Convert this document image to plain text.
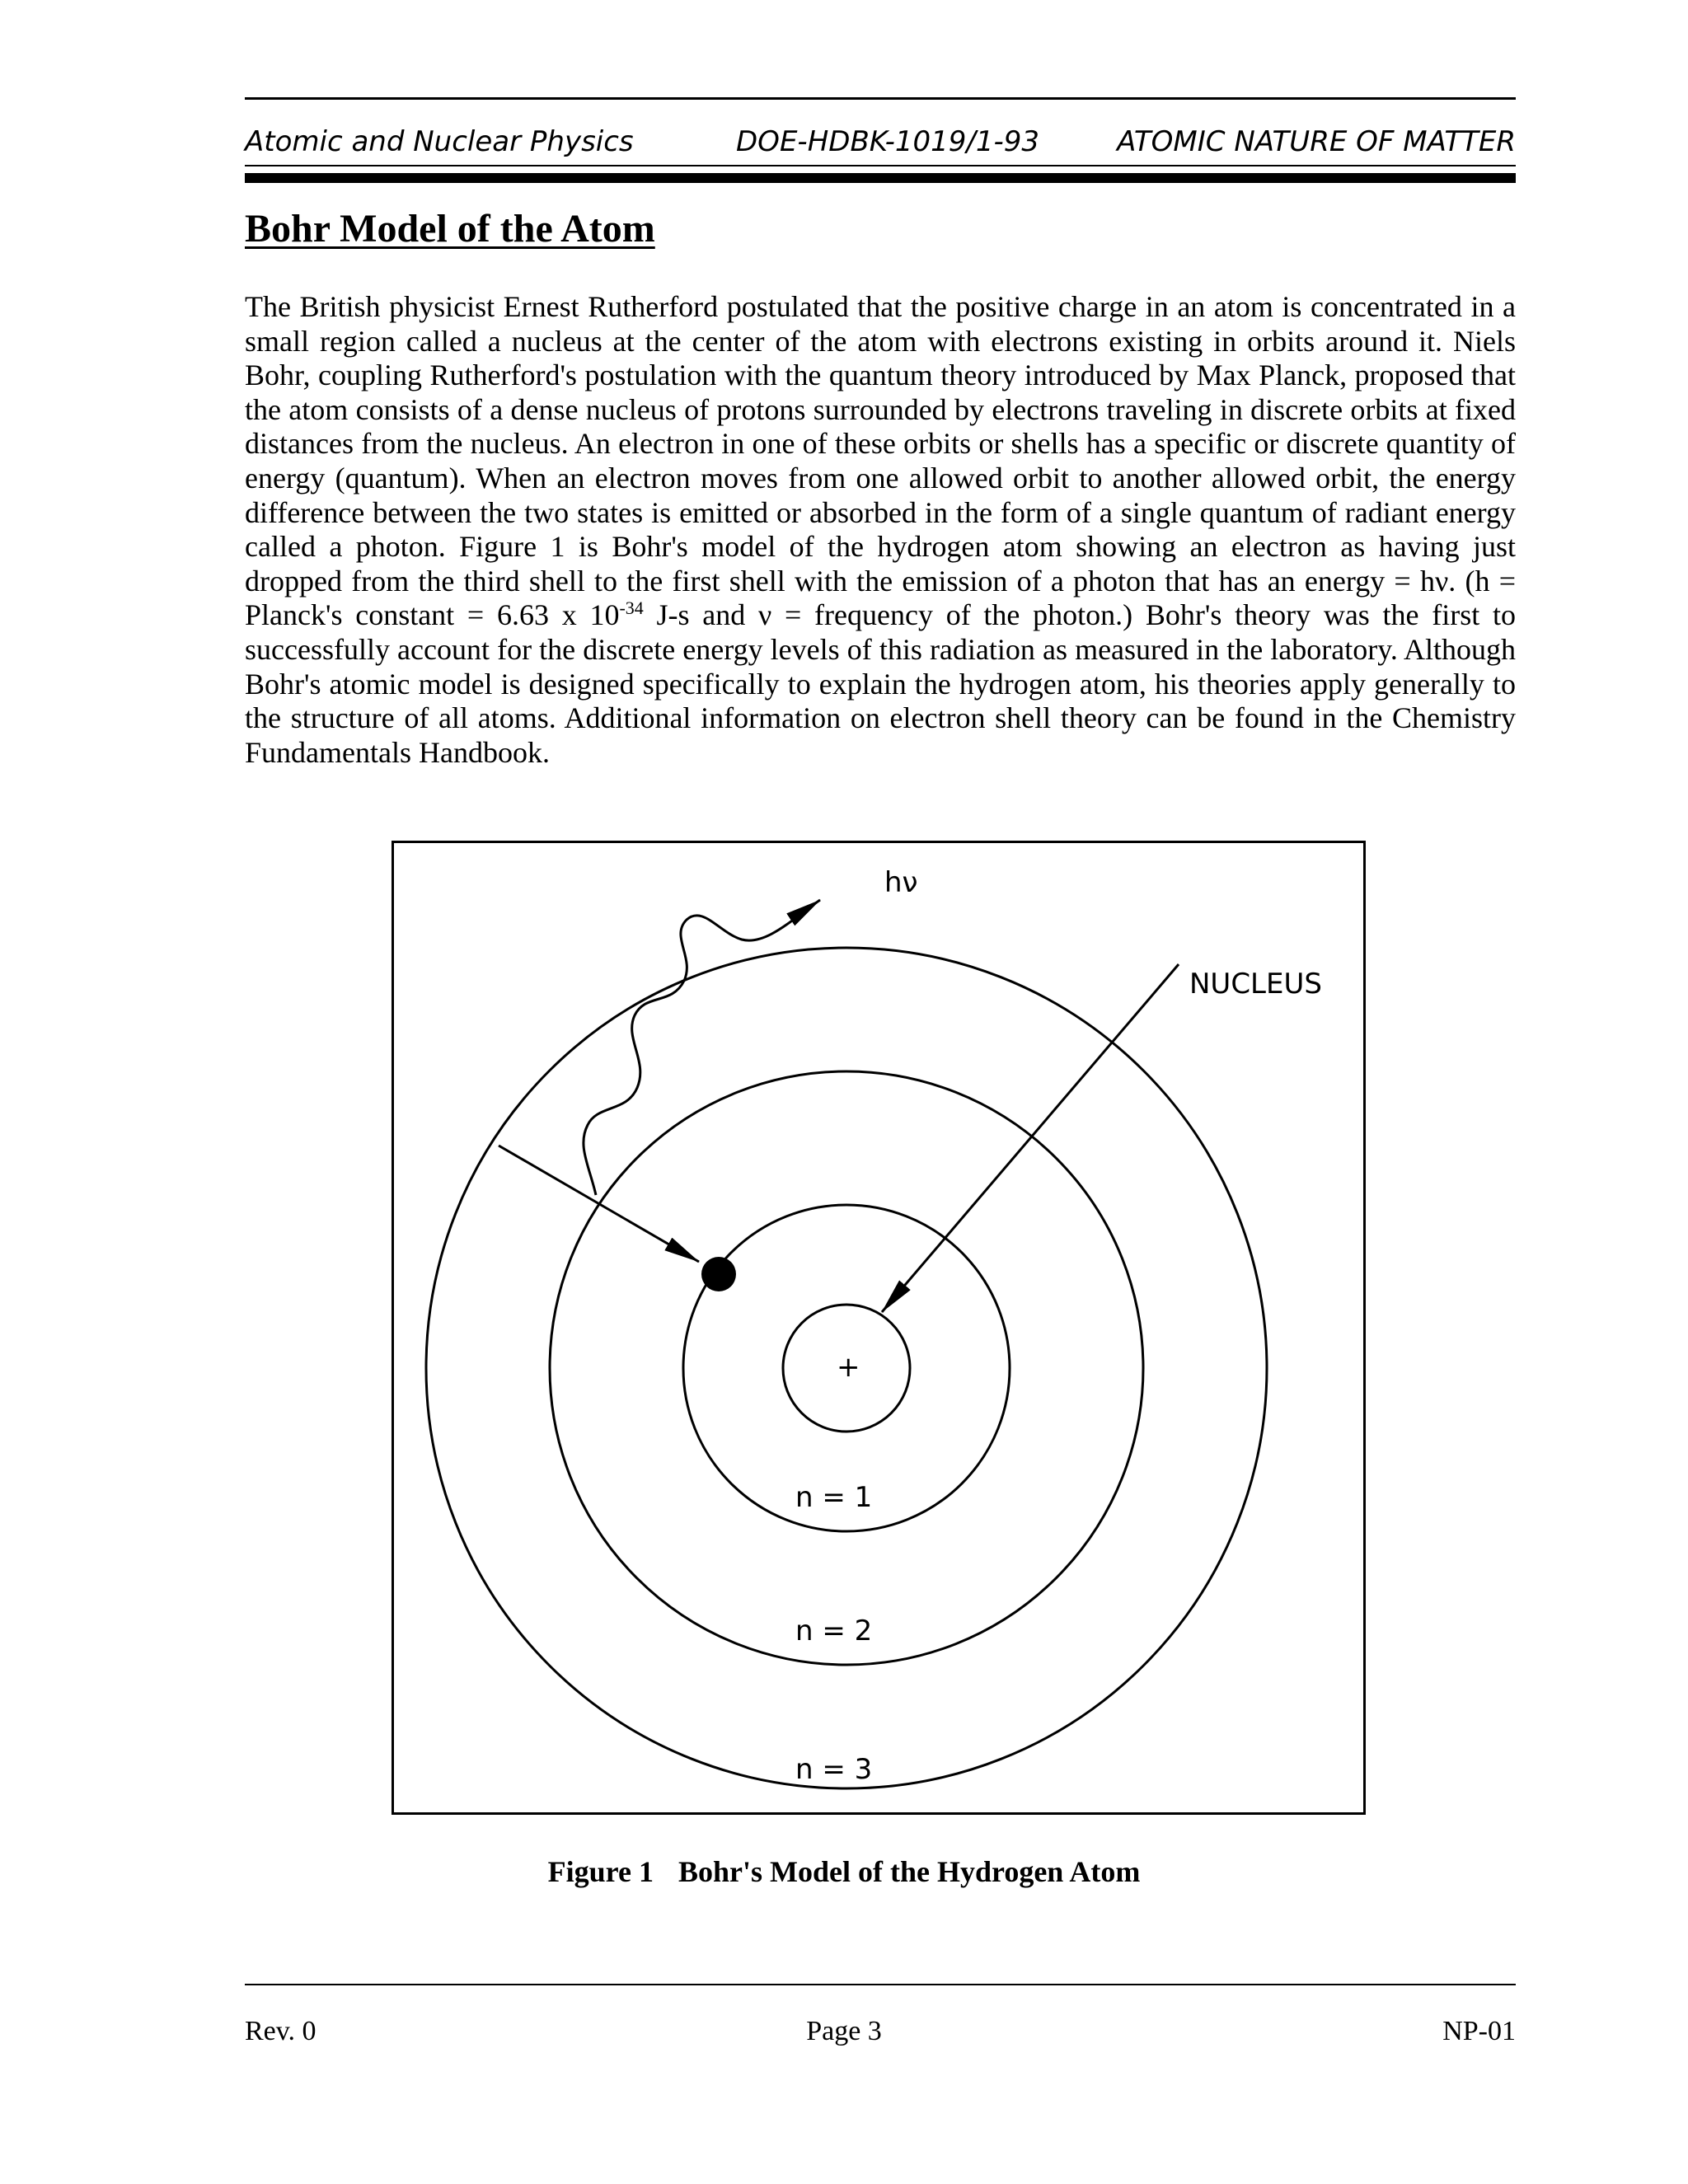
Atomic and Nuclear Physics	DOE-HDBK-1019/1-93	ATOMIC NATURE OF MATTER
Bohr Model of the Atom

The British physicist Ernest Rutherford postulated that the positive charge in an atom is concentrated in a small region called a nucleus at the center of the atom with electrons existing in orbits around it. Niels Bohr, coupling Rutherford's postulation with the quantum theory introduced by Max Planck, proposed that the atom consists of a dense nucleus of protons surrounded by electrons traveling in discrete orbits at fixed distances from the nucleus. An electron in one of these orbits or shells has a specific or discrete quantity of energy (quantum). When an electron moves from one allowed orbit to another allowed orbit, the energy difference between the two states is emitted or absorbed in the form of a single quantum of radiant energy called a photon. Figure 1 is Bohr's model of the hydrogen atom showing an electron as having just dropped from the third shell to the first shell with the emission of a photon that has an energy = hν. (h = Planck's constant = 6.63 x $10^{-34}$ J-s and ν = frequency of the photon.) Bohr's theory was the first to successfully account for the discrete energy levels of this radiation as measured in the laboratory. Although Bohr's atomic model is designed specifically to explain the hydrogen atom, his theories apply generally to the structure of all atoms. Additional information on electron shell theory can be found in the Chemistry Fundamentals Handbook.

hν
NUCLEUS
+
n = 1
n = 2
n = 3
Figure 1 Bohr's Model of the Hydrogen Atom
Rev. 0	Page 3	NP-01
